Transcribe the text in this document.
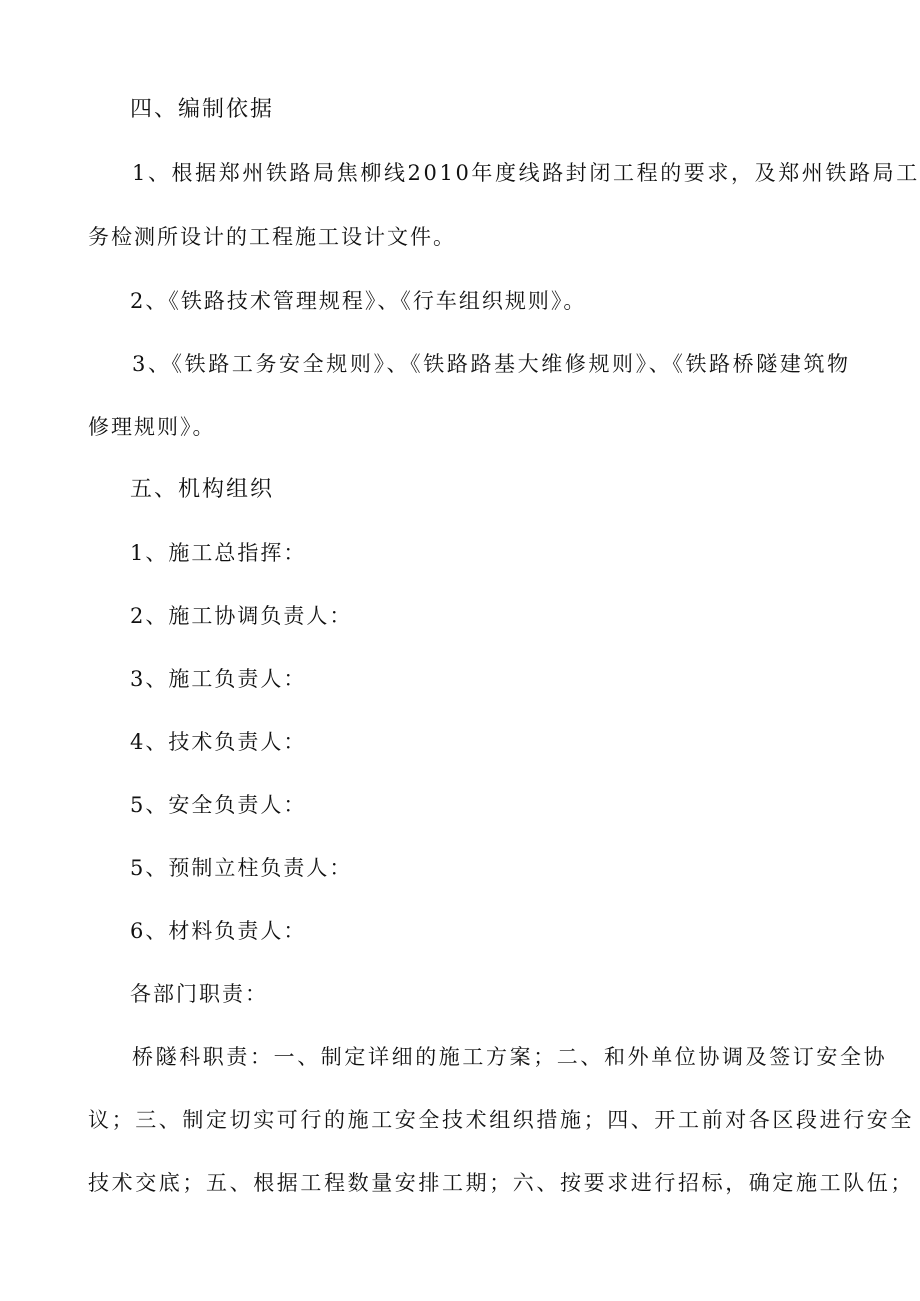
四、编制依据
1、根据郑州铁路局焦柳线2010年度线路封闭工程的要求，及郑州铁路局工
务检测所设计的工程施工设计文件。
2、《铁路技术管理规程》、《行车组织规则》。
3、《铁路工务安全规则》、《铁路路基大维修规则》、《铁路桥隧建筑物
修理规则》。
五、机构组织
1、施工总指挥：
2、施工协调负责人：
3、施工负责人：
4、技术负责人：
5、安全负责人：
5、预制立柱负责人：
6、材料负责人：
各部门职责：
桥隧科职责：一、制定详细的施工方案；二、和外单位协调及签订安全协
议；三、制定切实可行的施工安全技术组织措施；四、开工前对各区段进行安全
技术交底；五、根据工程数量安排工期；六、按要求进行招标，确定施工队伍；
